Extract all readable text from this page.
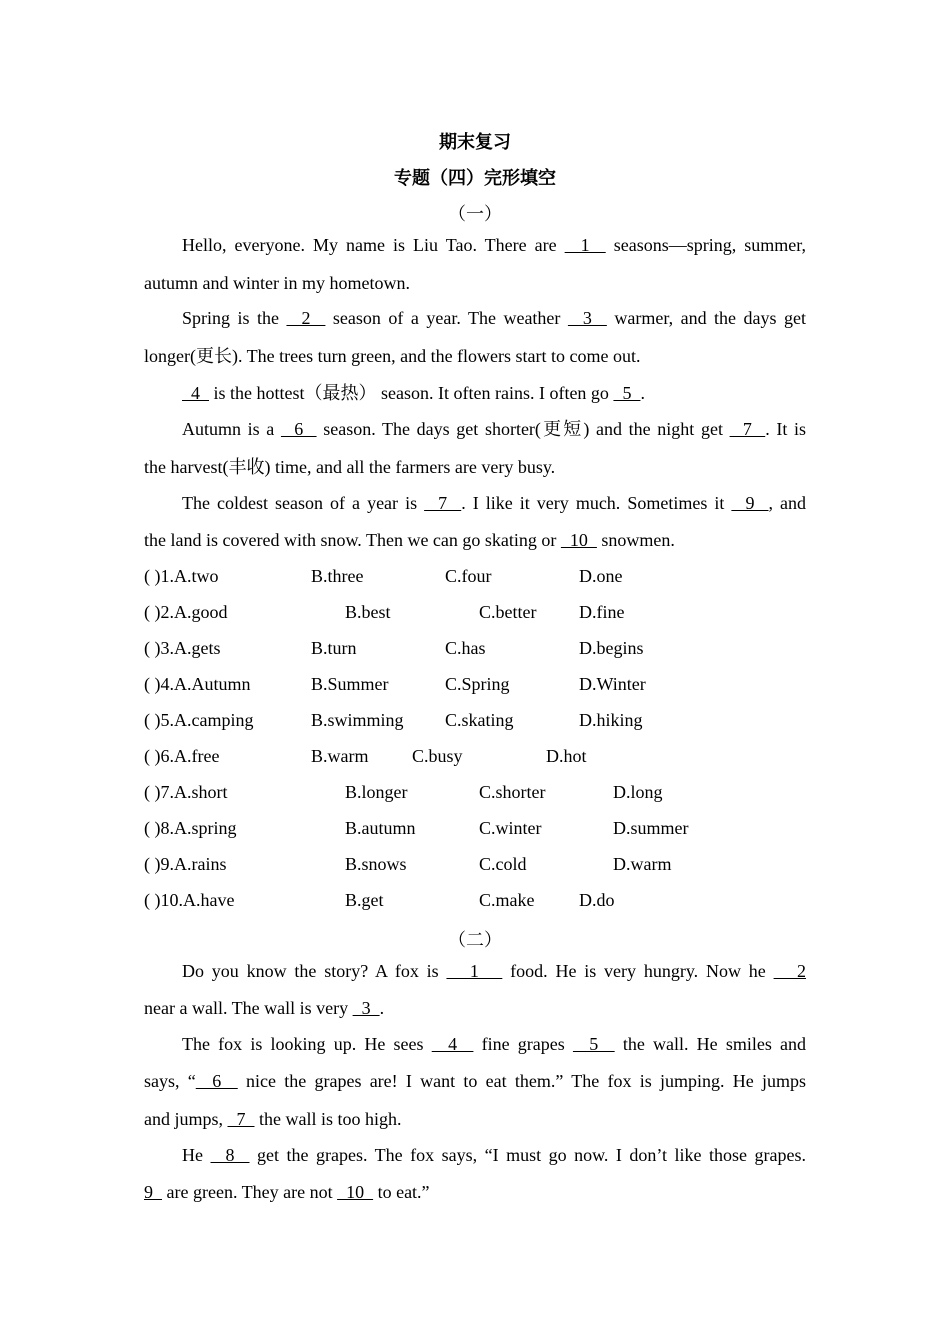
期末复习
专题（四）完形填空
（一）
Hello, everyone. My name is Liu Tao. There are   1   seasons—spring, summer,
autumn and winter in my hometown.
Spring is the   2   season of a year. The weather   3   warmer, and the days get
longer(更长). The trees turn green, and the flowers start to come out.
4   is the hottest（最热） season. It often rains. I often go   5  .
Autumn is a   6   season. The days get shorter(更短) and the night get   7  . It is
the harvest(丰收) time, and all the farmers are very busy.
The coldest season of a year is   7  . I like it very much. Sometimes it   9  , and
the land is covered with snow. Then we can go skating or   10   snowmen.
( )1.A.two	B.three	C.four	D.one
( )2.A.good	B.best	C.better D.fine
( )3.A.gets	B.turn	C.has	D.begins
( )4.A.Autumn	B.Summer	C.Spring	D.Winter
( )5.A.camping	B.swimming C.skating	D.hiking
( )6.A.free	B.warm C.busy	D.hot
( )7.A.short	B.longer	C.shorter	D.long
( )8.A.spring	B.autumn	C.winter	D.summer
( )9.A.rains	B.snows	C.cold	D.warm
( )10.A.have	B.get	C.make D.do
（二）
Do you know the story? A fox is    1    food. He is very hungry. Now he    2
near a wall. The wall is very   3  .
The fox is looking up. He sees   4   fine grapes   5   the wall. He smiles and
says, “  6   nice the grapes are! I want to eat them.” The fox is jumping. He jumps
and jumps,   7   the wall is too high.
He   8   get the grapes. The fox says, “I must go now. I don’t like those grapes.
9   are green. They are not   10   to eat.”
